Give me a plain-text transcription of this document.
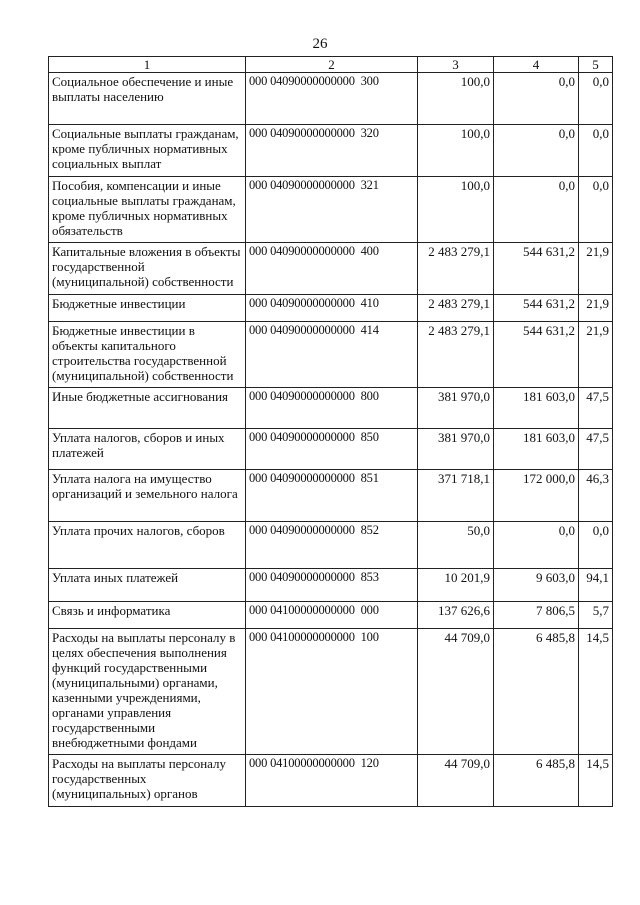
26
1	2	3	4	5
Социальное обеспечение и иные выплаты населению	000 04090000000000  300	100,0	0,0	0,0
Социальные выплаты гражданам, кроме публичных нормативных социальных выплат	000 04090000000000  320	100,0	0,0	0,0
Пособия, компенсации и иные социальные выплаты гражданам, кроме публичных нормативных обязательств	000 04090000000000  321	100,0	0,0	0,0
Капитальные вложения в объекты государственной (муниципальной) собственности	000 04090000000000  400	2 483 279,1	544 631,2	21,9
Бюджетные инвестиции	000 04090000000000  410	2 483 279,1	544 631,2	21,9
Бюджетные инвестиции в объекты капитального строительства государственной (муниципальной) собственности	000 04090000000000  414	2 483 279,1	544 631,2	21,9
Иные бюджетные ассигнования	000 04090000000000  800	381 970,0	181 603,0	47,5
Уплата налогов, сборов и иных платежей	000 04090000000000  850	381 970,0	181 603,0	47,5
Уплата налога на имущество организаций и земельного налога	000 04090000000000  851	371 718,1	172 000,0	46,3
Уплата прочих налогов, сборов	000 04090000000000  852	50,0	0,0	0,0
Уплата иных платежей	000 04090000000000  853	10 201,9	9 603,0	94,1
Связь и информатика	000 04100000000000  000	137 626,6	7 806,5	5,7
Расходы на выплаты персоналу в целях обеспечения выполнения функций государственными (муниципальными) органами, казенными учреждениями, органами управления государственными внебюджетными фондами	000 04100000000000  100	44 709,0	6 485,8	14,5
Расходы на выплаты персоналу государственных (муниципальных) органов	000 04100000000000  120	44 709,0	6 485,8	14,5
